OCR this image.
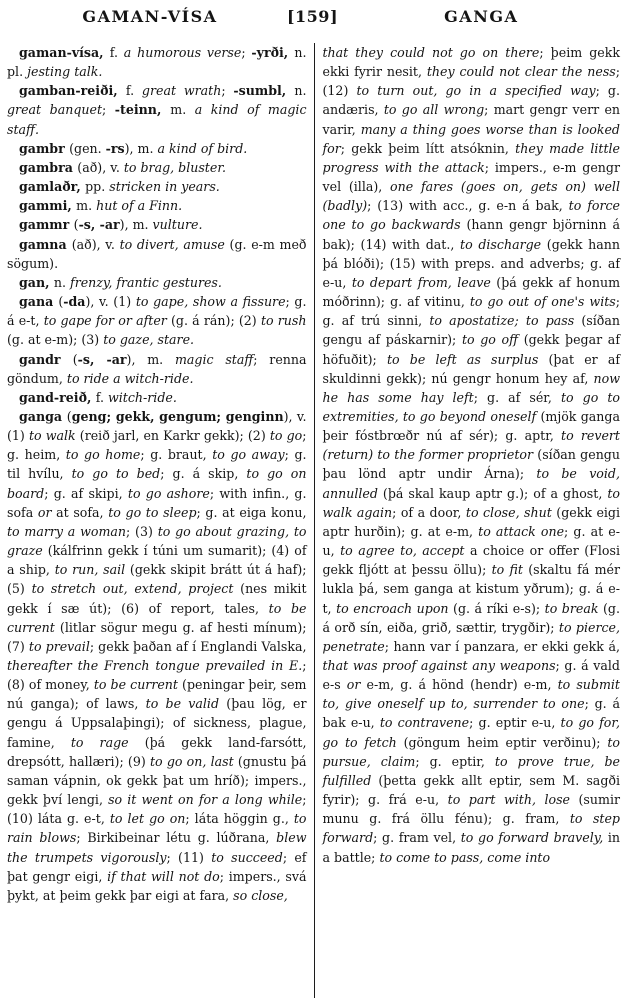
GAMAN-VÍSA	[159]	GANGA

gaman-vísa, f. a humorous verse; -yrði, n. pl. jesting talk.

gamban-reiði, f. great wrath; -sumbl, n. great banquet; -teinn, m. a kind of magic staff.

gambr (gen. -rs), m. a kind of bird.

gambra (að), v. to brag, bluster.

gamlaðr, pp. stricken in years.

gammi, m. hut of a Finn.

gammr (-s, -ar), m. vulture.

gamna (að), v. to divert, amuse (g. e-m með sögum).

gan, n. frenzy, frantic gestures.

gana (-da), v. (1) to gape, show a fissure; g. á e-t, to gape for or after (g. á rán); (2) to rush (g. at e-m); (3) to gaze, stare.

gandr (-s, -ar), m. magic staff; renna göndum, to ride a witch-ride.

gand-reið, f. witch-ride.

ganga (geng; gekk, gengum; genginn), v. (1) to walk (reið jarl, en Karkr gekk); (2) to go; g. heim, to go home; g. braut, to go away; g. til hvílu, to go to bed; g. á skip, to go on board; g. af skipi, to go ashore; with infin., g. sofa or at sofa, to go to sleep; g. at eiga konu, to marry a woman; (3) to go about grazing, to graze (kálfrinn gekk í túni um sumarit); (4) of a ship, to run, sail (gekk skipit brátt út á haf); (5) to stretch out, extend, project (nes mikit gekk í sæ út); (6) of report, tales, to be current (litlar sögur megu g. af hesti mínum); (7) to prevail; gekk þaðan af í Englandi Valska, thereafter the French tongue prevailed in E.; (8) of money, to be current (peningar þeir, sem nú ganga); of laws, to be valid (þau lög, er gengu á Uppsalaþingi); of sickness, plague, famine, to rage (þá gekk land-farsótt, drepsótt, hallæri); (9) to go on, last (gnustu þá saman vápnin, ok gekk þat um hríð); impers., gekk því lengi, so it went on for a long while; (10) láta g. e-t, to let go on; láta höggin g., to rain blows; Birkibeinar létu g. lúðrana, blew the trumpets vigorously; (11) to succeed; ef þat gengr eigi, if that will not do; impers., svá þykt, at þeim gekk þar eigi at fara, so close,

that they could not go on there; þeim gekk ekki fyrir nesit, they could not clear the ness; (12) to turn out, go in a specified way; g. andæris, to go all wrong; mart gengr verr en varir, many a thing goes worse than is looked for; gekk þeim lítt atsóknin, they made little progress with the attack; impers., e-m gengr vel (illa), one fares (goes on, gets on) well (badly); (13) with acc., g. e-n á bak, to force one to go backwards (hann gengr björninn á bak); (14) with dat., to discharge (gekk hann þá blóði); (15) with preps. and adverbs; g. af e-u, to depart from, leave (þá gekk af honum móðrinn); g. af vitinu, to go out of one's wits; g. af trú sinni, to apostatize; to pass (síðan gengu af páskarnir); to go off (gekk þegar af höfuðit); to be left as surplus (þat er af skuldinni gekk); nú gengr honum hey af, now he has some hay left; g. af sér, to go to extremities, to go beyond oneself (mjök ganga þeir fóstbrœðr nú af sér); g. aptr, to revert (return) to the former proprietor (síðan gengu þau lönd aptr undir Árna); to be void, annulled (þá skal kaup aptr g.); of a ghost, to walk again; of a door, to close, shut (gekk eigi aptr hurðin); g. at e-m, to attack one; g. at e-u, to agree to, accept a choice or offer (Flosi gekk fljótt at þessu öllu); to fit (skaltu fá mér lukla þá, sem ganga at kistum yðrum); g. á e-t, to encroach upon (g. á ríki e-s); to break (g. á orð sín, eiða, grið, sættir, trygðir); to pierce, penetrate; hann var í panzara, er ekki gekk á, that was proof against any weapons; g. á vald e-s or e-m, g. á hönd (hendr) e-m, to submit to, give oneself up to, surrender to one; g. á bak e-u, to contravene; g. eptir e-u, to go for, go to fetch (göngum heim eptir verðinu); to pursue, claim; g. eptir, to prove true, be fulfilled (þetta gekk allt eptir, sem M. sagði fyrir); g. frá e-u, to part with, lose (sumir munu g. frá öllu fénu); g. fram, to step forward; g. fram vel, to go forward bravely, in a battle; to come to pass, come into
